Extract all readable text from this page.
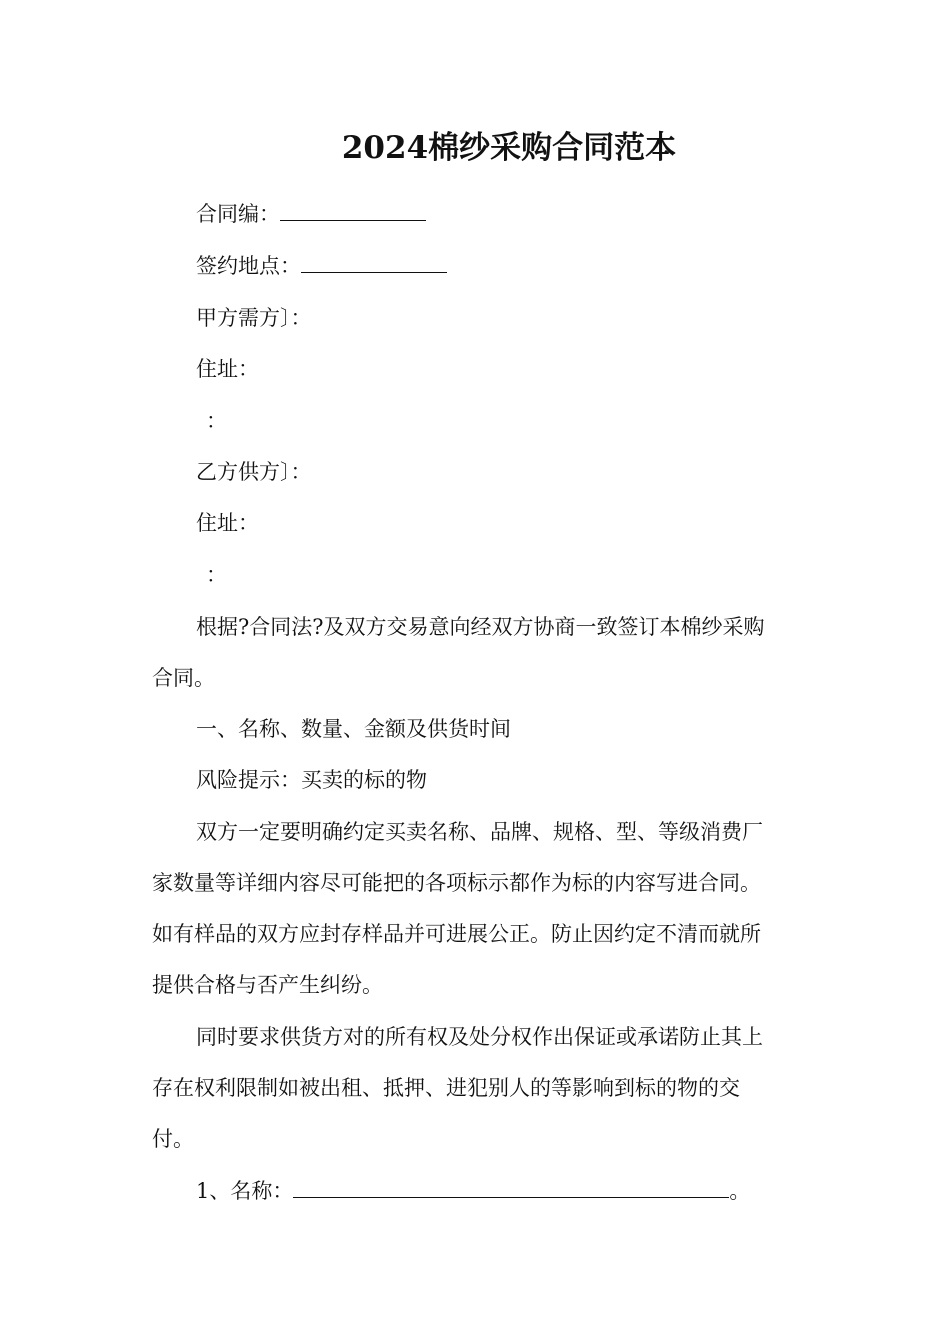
2024棉纱采购合同范本
合同编：
签约地点：
甲方需方〕：
住址：
：
乙方供方〕：
住址：
：
根据?合同法?及双方交易意向经双方协商一致签订本棉纱采购
合同。
一、名称、数量、金额及供货时间
风险提示：买卖的标的物
双方一定要明确约定买卖名称、品牌、规格、型、等级消费厂
家数量等详细内容尽可能把的各项标示都作为标的内容写进合同。
如有样品的双方应封存样品并可进展公正。防止因约定不清而就所
提供合格与否产生纠纷。
同时要求供货方对的所有权及处分权作出保证或承诺防止其上
存在权利限制如被出租、抵押、进犯别人的等影响到标的物的交
付。
1、名称：	。
